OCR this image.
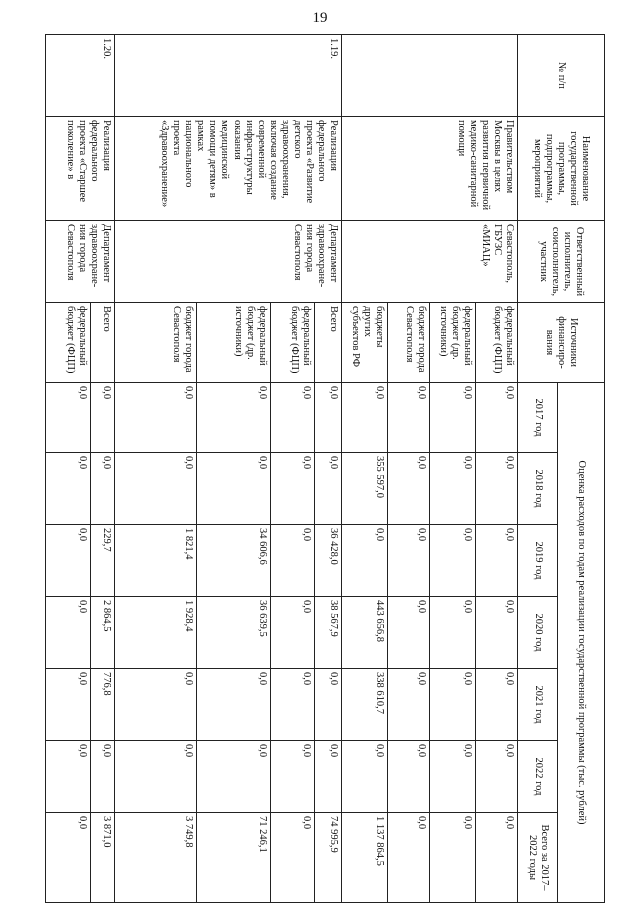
19
№ п/п	Наименование государственной программы, подпрограммы, мероприятий	Ответственный исполнитель, соисполнитель, участник	Источники финансиро-вания	Оценка расходов по годам реализации государственной программы (тыс. рублей)						
				2017 год	2018 год	2019 год	2020 год	2021 год	2022 год	Всего за 2017–2022 годы
	Правительством Москвы в целях развития первичной медико-санитарной помощи	Севастополь, ГБУЗС «МИАЦ»	федеральный бюджет (ФЦП)	0,0	0,0	0,0	0,0	0,0	0,0	0,0
			федеральный бюджет (др. источники)	0,0	0,0	0,0	0,0	0,0	0,0	0,0
			бюджет города Севастополя	0,0	0,0	0,0	0,0	0,0	0,0	0,0
			бюджеты других субъектов РФ	0,0	355 597,0	0,0	443 656,8	338 610,7	0,0	1 137 864,5
1.19.	Реализация федерального проекта «Развитие детского здравоохранения, включая создание современной инфраструктуры оказания медицинской помощи детям» в рамках национального проекта «Здравоохранение»	Департамент здравоохране-ния города Севастополя	Всего	0,0	0,0	36 428,0	38 567,9	0,0	0,0	74 995,9
			федеральный бюджет (ФЦП)	0,0	0,0	0,0	0,0	0,0	0,0	0,0
			федеральный бюджет (др. источники)	0,0	0,0	34 606,6	36 639,5	0,0	0,0	71 246,1
			бюджет города Севастополя	0,0	0,0	1 821,4	1 928,4	0,0	0,0	3 749,8
1.20.	Реализация федерального проекта «Старшее поколение» в	Департамент здравоохране-ния города Севастополя	Всего	0,0	0,0	229,7	2 864,5	776,8	0,0	3 871,0
			федеральный бюджет (ФЦП)	0,0	0,0	0,0	0,0	0,0	0,0	0,0
